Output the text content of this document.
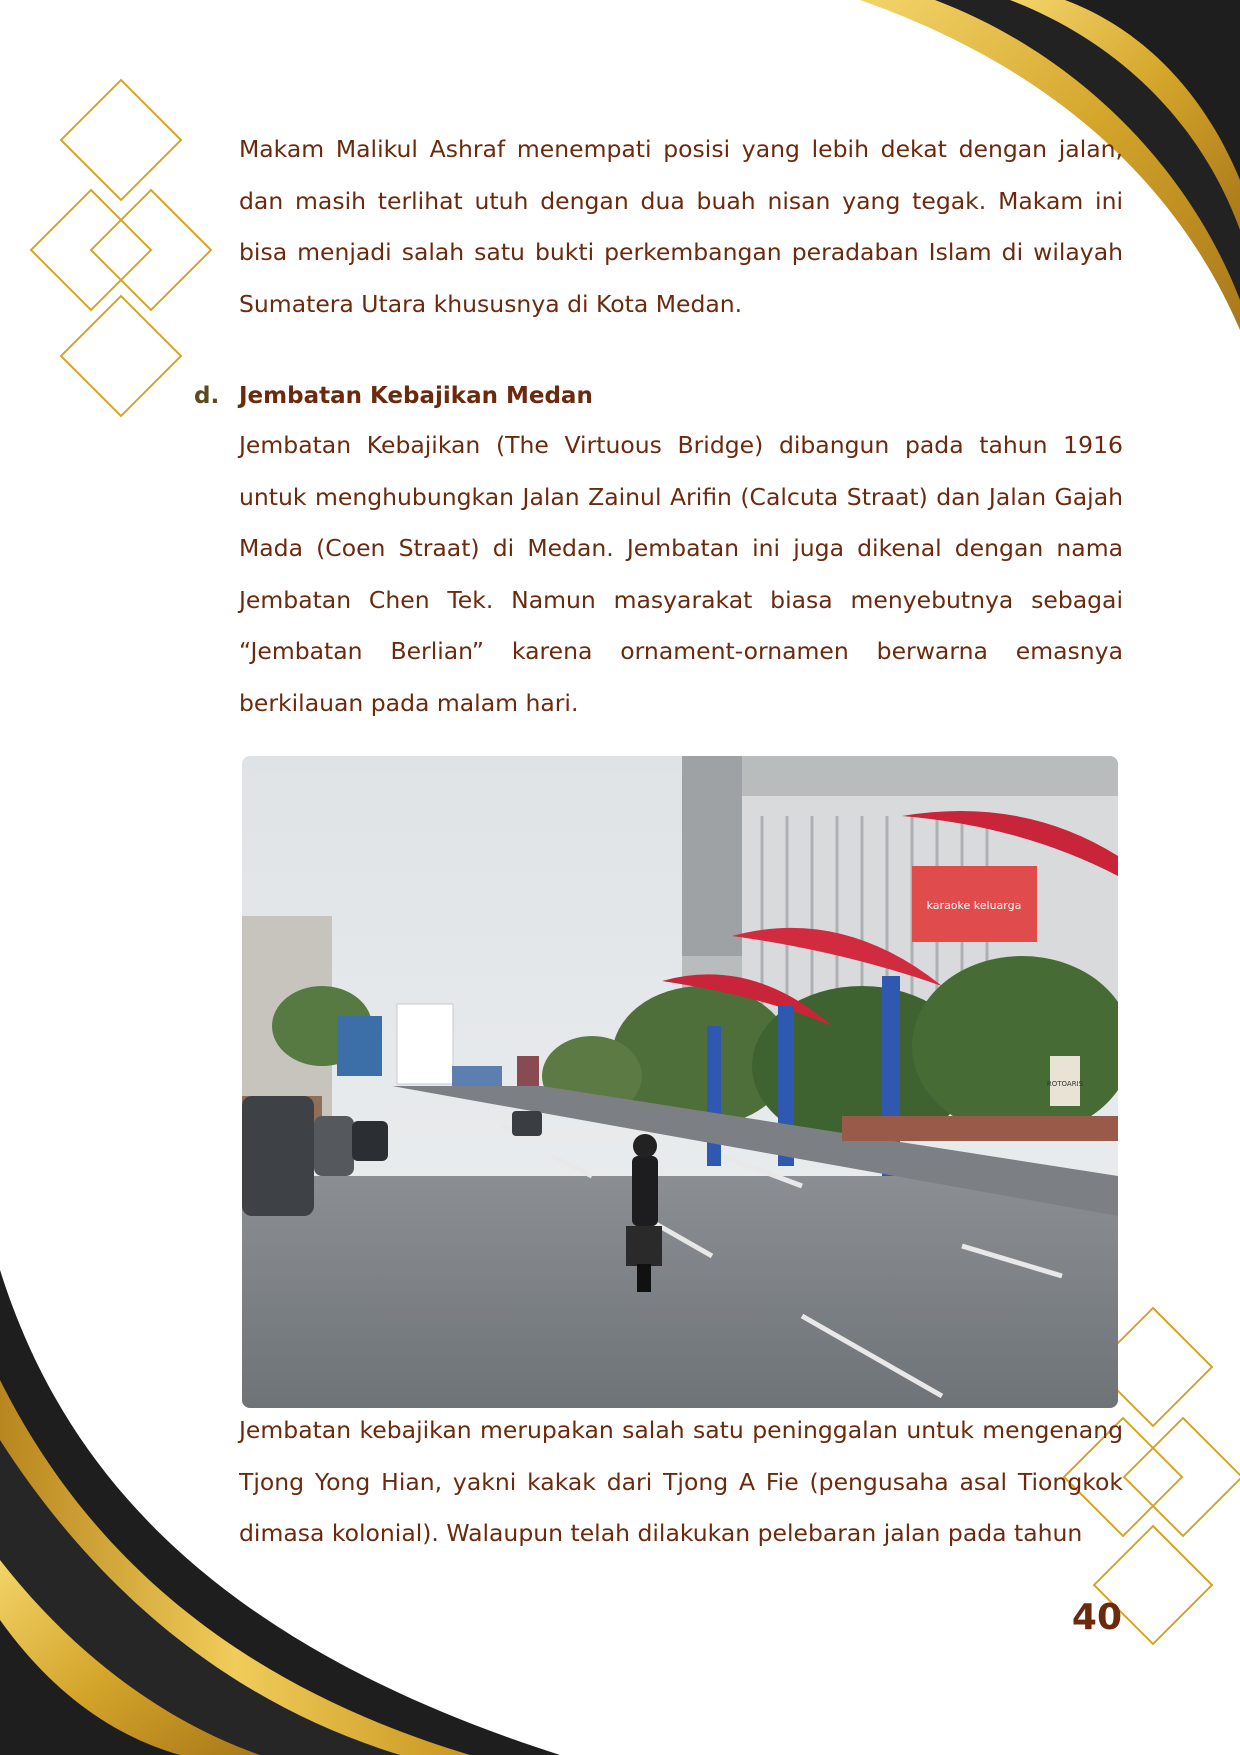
Makam Malikul Ashraf menempati posisi yang lebih dekat dengan jalan, dan masih terlihat utuh dengan dua buah nisan yang tegak. Makam ini bisa menjadi salah satu bukti perkembangan peradaban Islam di wilayah Sumatera Utara khususnya di Kota Medan.

d. Jembatan Kebajikan Medan

Jembatan Kebajikan (The Virtuous Bridge) dibangun pada tahun 1916 untuk menghubungkan Jalan Zainul Arifin (Calcuta Straat) dan Jalan Gajah Mada (Coen Straat) di Medan. Jembatan ini juga dikenal dengan nama Jembatan Chen Tek. Namun masyarakat biasa menyebutnya sebagai “Jembatan Berlian” karena ornament-ornamen berwarna emasnya berkilauan pada malam hari.

karaoke keluarga
ROTOARIS

Jembatan kebajikan merupakan salah satu peninggalan untuk mengenang Tjong Yong Hian, yakni kakak dari Tjong A Fie (pengusaha asal Tiongkok dimasa kolonial). Walaupun telah dilakukan pelebaran jalan pada tahun

40
